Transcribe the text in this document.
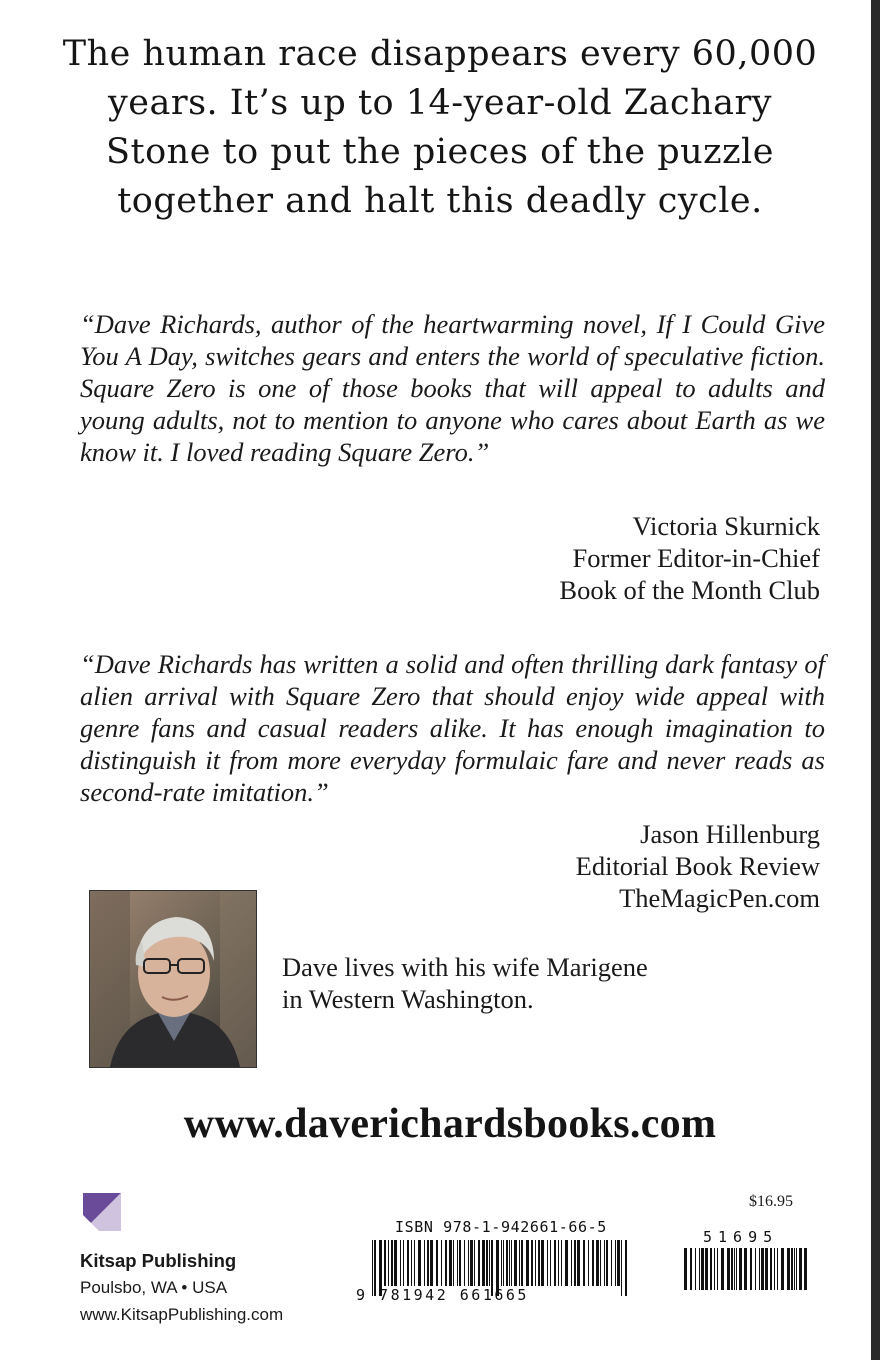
The human race disappears every 60,000
years. It’s up to 14-year-old Zachary
Stone to put the pieces of the puzzle
together and halt this deadly cycle.
“Dave Richards, author of the heartwarming novel, If I Could Give You A Day, switches gears and enters the world of speculative fiction. Square Zero is one of those books that will appeal to adults and young adults, not to mention to anyone who cares about Earth as we know it. I loved reading Square Zero.”
Victoria Skurnick
Former Editor-in-Chief
Book of the Month Club
“Dave Richards has written a solid and often thrilling dark fantasy of alien arrival with Square Zero that should enjoy wide appeal with genre fans and casual readers alike. It has enough imagination to distinguish it from more everyday formulaic fare and never reads as second-rate imitation.”
Jason Hillenburg
Editorial Book Review
TheMagicPen.com
Dave lives with his wife Marigene
in Western Washington.
www.daverichardsbooks.com
Kitsap Publishing
Poulsbo, WA • USA
www.KitsapPublishing.com
ISBN 978-1-942661-66-5
9 781942 661665
$16.95
51695
